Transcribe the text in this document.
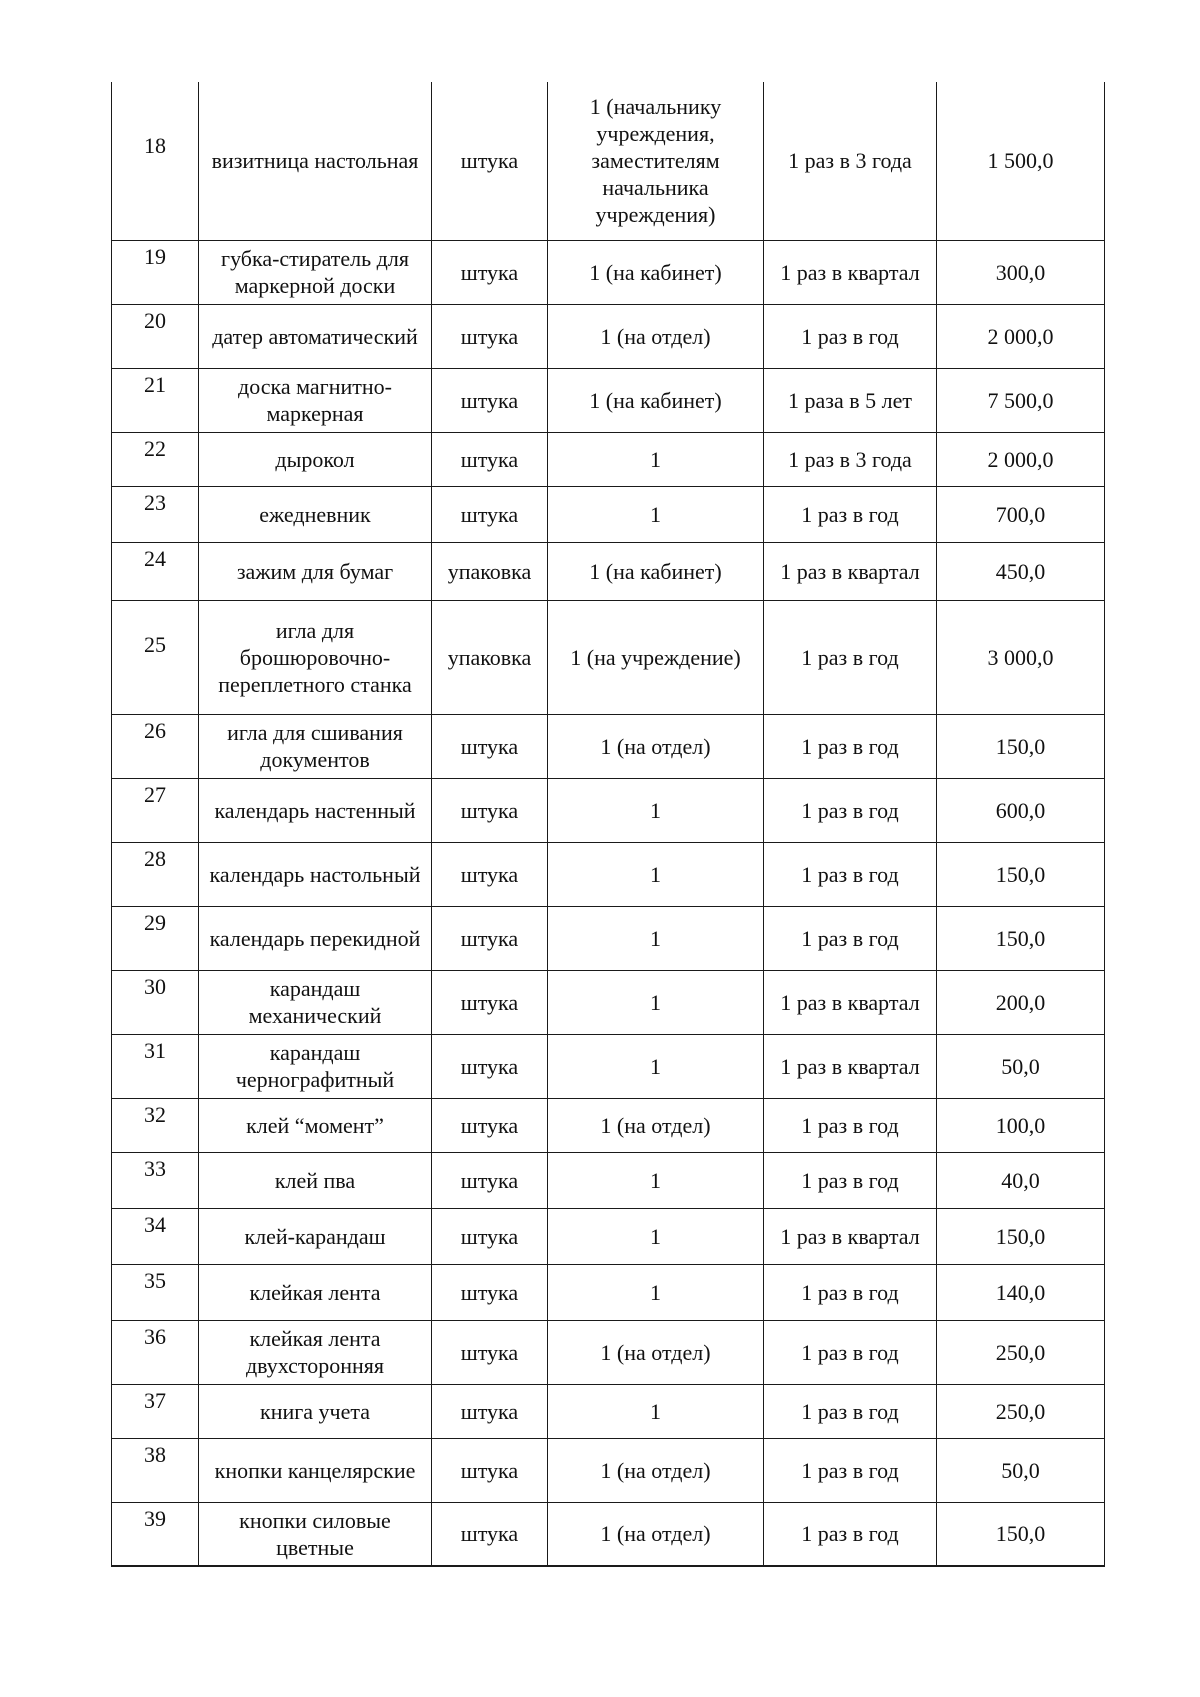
18	визитница настольная	штука	1 (начальнику учреждения, заместителям начальника учреждения)	1 раз в 3 года	1 500,0
19	губка-стиратель для маркерной доски	штука	1 (на кабинет)	1 раз в квартал	300,0
20	датер автоматический	штука	1 (на отдел)	1 раз в год	2 000,0
21	доска магнитно-маркерная	штука	1 (на кабинет)	1 раза в 5 лет	7 500,0
22	дырокол	штука	1	1 раз в 3 года	2 000,0
23	ежедневник	штука	1	1 раз в год	700,0
24	зажим для бумаг	упаковка	1 (на кабинет)	1 раз в квартал	450,0
25	игла для брошюровочно-переплетного станка	упаковка	1 (на учреждение)	1 раз в год	3 000,0
26	игла для сшивания документов	штука	1 (на отдел)	1 раз в год	150,0
27	календарь настенный	штука	1	1 раз в год	600,0
28	календарь настольный	штука	1	1 раз в год	150,0
29	календарь перекидной	штука	1	1 раз в год	150,0
30	карандаш механический	штука	1	1 раз в квартал	200,0
31	карандаш чернографитный	штука	1	1 раз в квартал	50,0
32	клей “момент”	штука	1 (на отдел)	1 раз в год	100,0
33	клей пва	штука	1	1 раз в год	40,0
34	клей-карандаш	штука	1	1 раз в квартал	150,0
35	клейкая лента	штука	1	1 раз в год	140,0
36	клейкая лента двухсторонняя	штука	1 (на отдел)	1 раз в год	250,0
37	книга учета	штука	1	1 раз в год	250,0
38	кнопки канцелярские	штука	1 (на отдел)	1 раз в год	50,0
39	кнопки силовые цветные	штука	1 (на отдел)	1 раз в год	150,0
